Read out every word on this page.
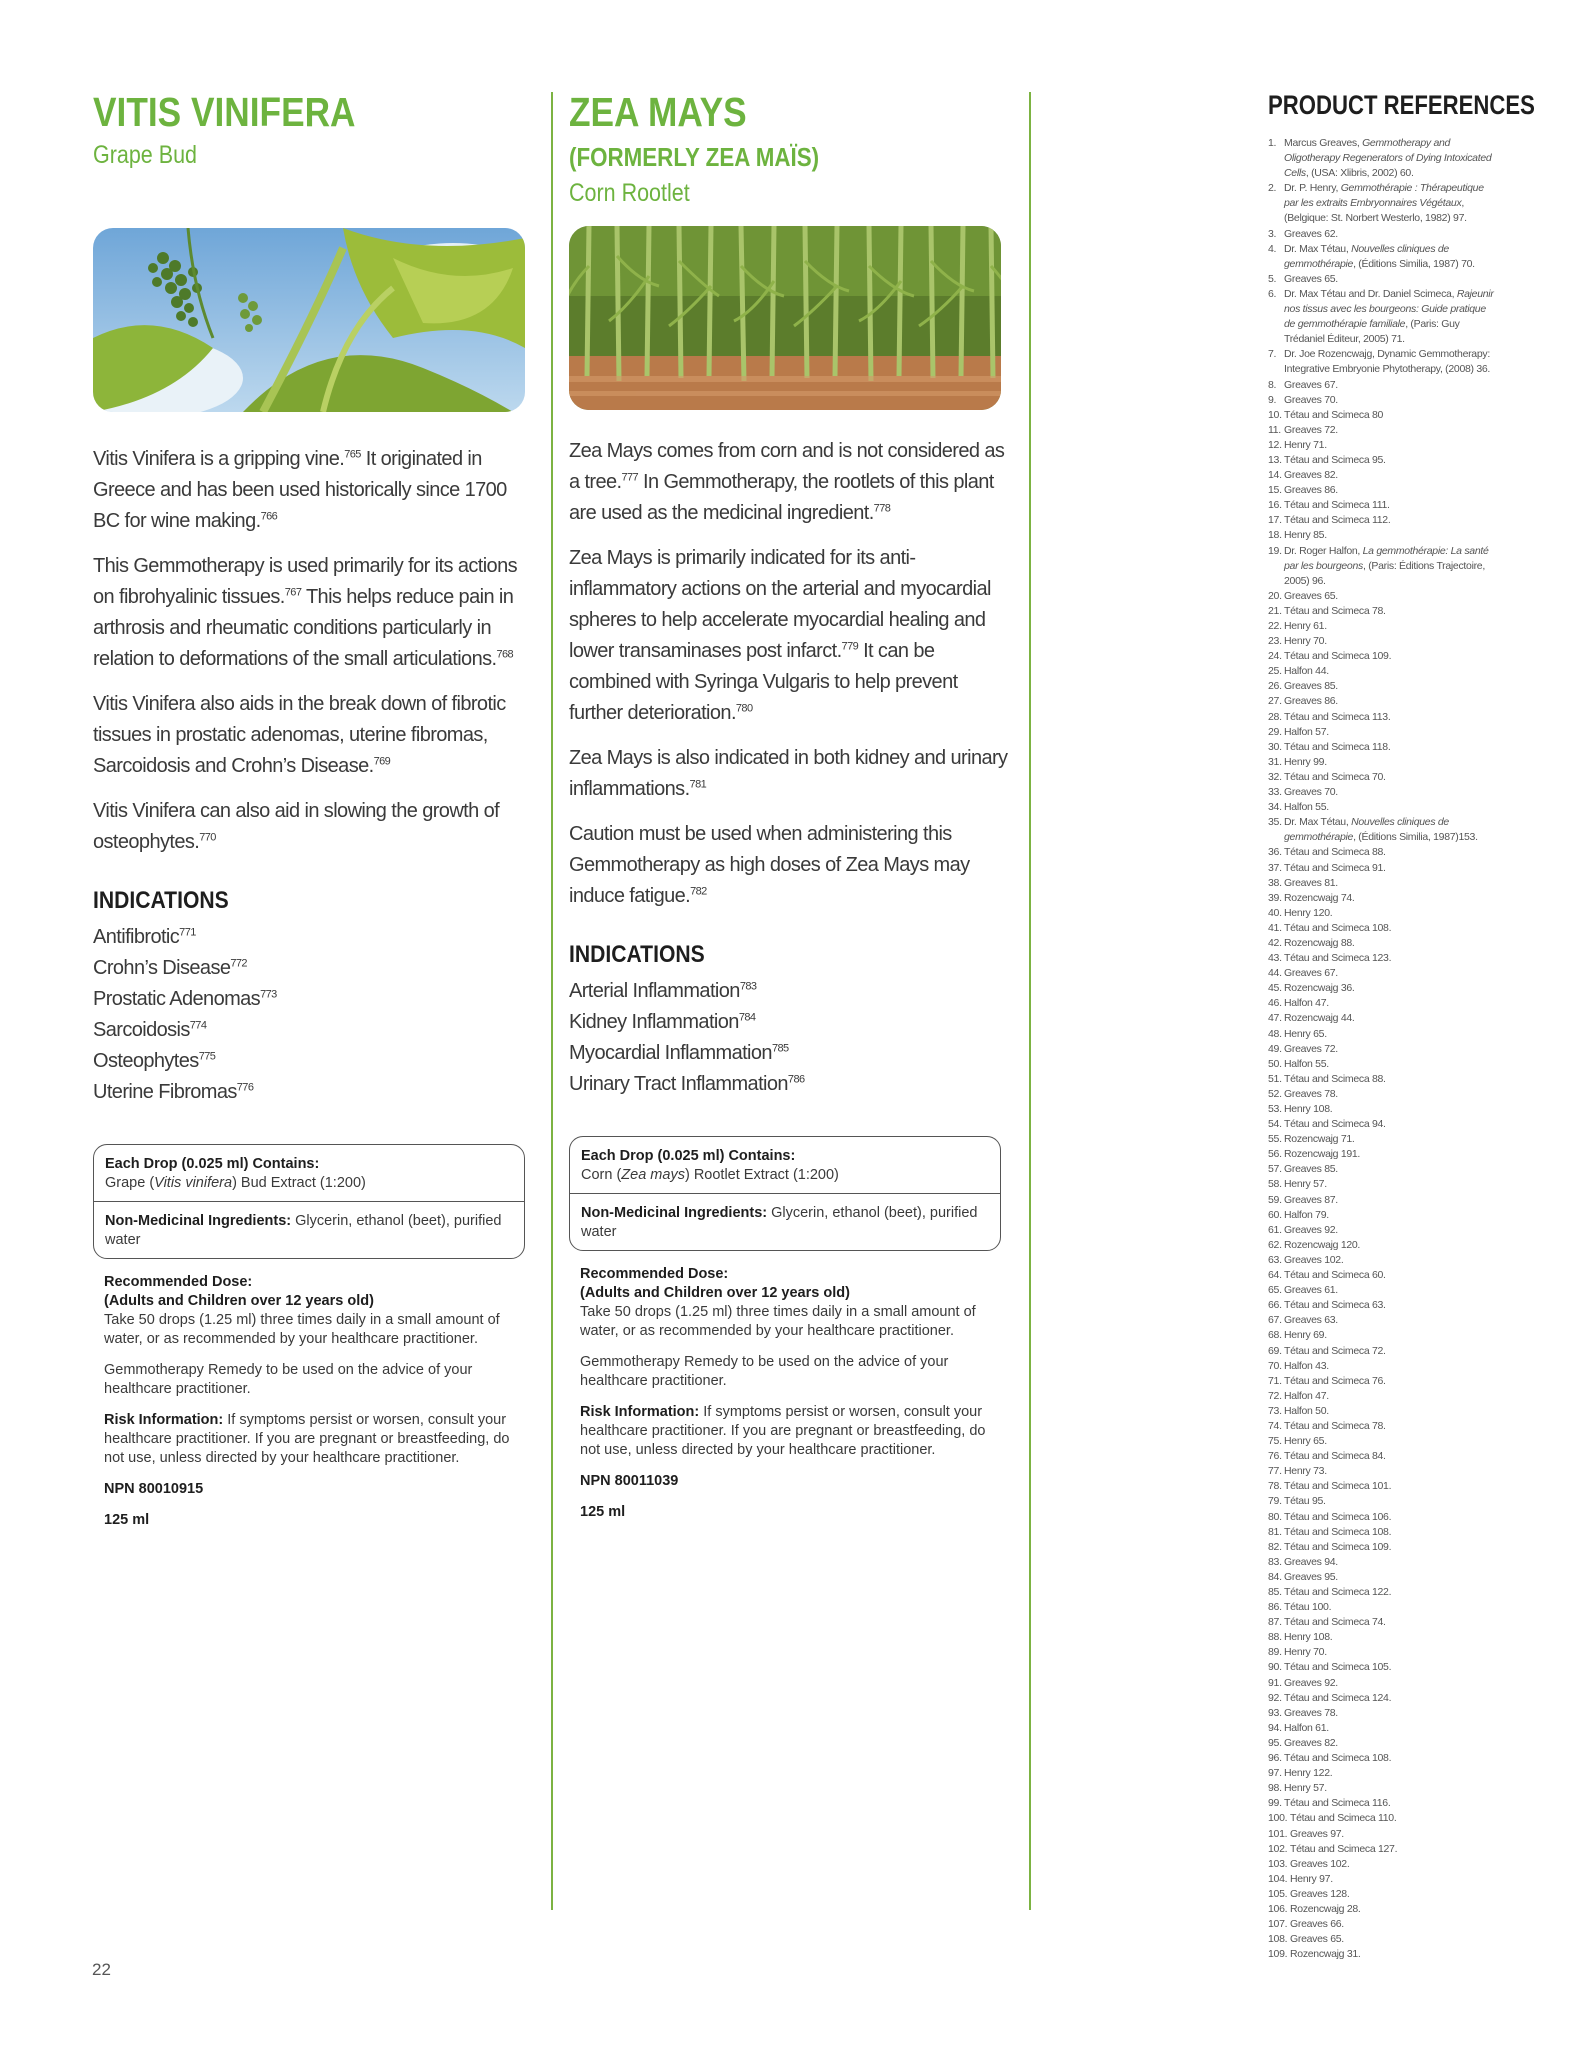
VITIS VINIFERA
Grape Bud

Vitis Vinifera is a gripping vine.$^{765}$ It originated in Greece and has been used historically since 1700 BC for wine making.$^{766}$

This Gemmotherapy is used primarily for its actions on fibrohyalinic tissues.$^{767}$ This helps reduce pain in arthrosis and rheumatic conditions particularly in relation to deformations of the small articulations.$^{768}$

Vitis Vinifera also aids in the break down of fibrotic tissues in prostatic adenomas, uterine fibromas, Sarcoidosis and Crohn’s Disease.$^{769}$

Vitis Vinifera can also aid in slowing the growth of osteophytes.$^{770}$

INDICATIONS
Antifibrotic$^{771}$
Crohn’s Disease$^{772}$
Prostatic Adenomas$^{773}$
Sarcoidosis$^{774}$
Osteophytes$^{775}$
Uterine Fibromas$^{776}$
Each Drop (0.025 ml) Contains:
Grape (Vitis vinifera) Bud Extract (1:200)
Non-Medicinal Ingredients: Glycerin, ethanol (beet), purified water

Recommended Dose:
(Adults and Children over 12 years old)
Take 50 drops (1.25 ml) three times daily in a small amount of water, or as recommended by your healthcare practitioner.

Gemmotherapy Remedy to be used on the advice of your healthcare practitioner.

Risk Information: If symptoms persist or worsen, consult your healthcare practitioner. If you are pregnant or breastfeeding, do not use, unless directed by your healthcare practitioner.

NPN 80010915

125 ml

ZEA MAYS
(FORMERLY ZEA MAÏS)
Corn Rootlet

Zea Mays comes from corn and is not considered as a tree.$^{777}$ In Gemmotherapy, the rootlets of this plant are used as the medicinal ingredient.$^{778}$

Zea Mays is primarily indicated for its anti-inflammatory actions on the arterial and myocardial spheres to help accelerate myocardial healing and lower transaminases post infarct.$^{779}$ It can be combined with Syringa Vulgaris to help prevent further deterioration.$^{780}$

Zea Mays is also indicated in both kidney and urinary inflammations.$^{781}$

Caution must be used when administering this Gemmotherapy as high doses of Zea Mays may induce fatigue.$^{782}$

INDICATIONS
Arterial Inflammation$^{783}$
Kidney Inflammation$^{784}$
Myocardial Inflammation$^{785}$
Urinary Tract Inflammation$^{786}$
Each Drop (0.025 ml) Contains:
Corn (Zea mays) Rootlet Extract (1:200)
Non-Medicinal Ingredients: Glycerin, ethanol (beet), purified water

Recommended Dose:
(Adults and Children over 12 years old)
Take 50 drops (1.25 ml) three times daily in a small amount of water, or as recommended by your healthcare practitioner.

Gemmotherapy Remedy to be used on the advice of your healthcare practitioner.

Risk Information: If symptoms persist or worsen, consult your healthcare practitioner. If you are pregnant or breastfeeding, do not use, unless directed by your healthcare practitioner.

NPN 80011039

125 ml

PRODUCT REFERENCES
1. Marcus Greaves, Gemmotherapy and Oligotherapy Regenerators of Dying Intoxicated Cells, (USA: Xlibris, 2002) 60.
2. Dr. P. Henry, Gemmothérapie : Thérapeutique par les extraits Embryonnaires Végétaux, (Belgique: St. Norbert Westerlo, 1982) 97.
3. Greaves 62.
4. Dr. Max Tétau, Nouvelles cliniques de gemmothérapie, (Éditions Similia, 1987) 70.
5. Greaves 65.
6. Dr. Max Tétau and Dr. Daniel Scimeca, Rajeunir nos tissus avec les bourgeons: Guide pratique de gemmothérapie familiale, (Paris: Guy Trédaniel Éditeur, 2005) 71.
7. Dr. Joe Rozencwajg, Dynamic Gemmotherapy: Integrative Embryonie Phytotherapy, (2008) 36.
8. Greaves 67.
9. Greaves 70.
10. Tétau and Scimeca 80
11. Greaves 72.
12. Henry 71.
13. Tétau and Scimeca 95.
14. Greaves 82.
15. Greaves 86.
16. Tétau and Scimeca 111.
17. Tétau and Scimeca 112.
18. Henry 85.
19. Dr. Roger Halfon, La gemmothérapie: La santé par les bourgeons, (Paris: Éditions Trajectoire, 2005) 96.
20. Greaves 65.
21. Tétau and Scimeca 78.
22. Henry 61.
23. Henry 70.
24. Tétau and Scimeca 109.
25. Halfon 44.
26. Greaves 85.
27. Greaves 86.
28. Tétau and Scimeca 113.
29. Halfon 57.
30. Tétau and Scimeca 118.
31. Henry 99.
32. Tétau and Scimeca 70.
33. Greaves 70.
34. Halfon 55.
35. Dr. Max Tétau, Nouvelles cliniques de gemmothérapie, (Éditions Similia, 1987)153.
36. Tétau and Scimeca 88.
37. Tétau and Scimeca 91.
38. Greaves 81.
39. Rozencwajg 74.
40. Henry 120.
41. Tétau and Scimeca 108.
42. Rozencwajg 88.
43. Tétau and Scimeca 123.
44. Greaves 67.
45. Rozencwajg 36.
46. Halfon 47.
47. Rozencwajg 44.
48. Henry 65.
49. Greaves 72.
50. Halfon 55.
51. Tétau and Scimeca 88.
52. Greaves 78.
53. Henry 108.
54. Tétau and Scimeca 94.
55. Rozencwajg 71.
56. Rozencwajg 191.
57. Greaves 85.
58. Henry 57.
59. Greaves 87.
60. Halfon 79.
61. Greaves 92.
62. Rozencwajg 120.
63. Greaves 102.
64. Tétau and Scimeca 60.
65. Greaves 61.
66. Tétau and Scimeca 63.
67. Greaves 63.
68. Henry 69.
69. Tétau and Scimeca 72.
70. Halfon 43.
71. Tétau and Scimeca 76.
72. Halfon 47.
73. Halfon 50.
74. Tétau and Scimeca 78.
75. Henry 65.
76. Tétau and Scimeca 84.
77. Henry 73.
78. Tétau and Scimeca 101.
79. Tétau 95.
80. Tétau and Scimeca 106.
81. Tétau and Scimeca 108.
82. Tétau and Scimeca 109.
83. Greaves 94.
84. Greaves 95.
85. Tétau and Scimeca 122.
86. Tétau 100.
87. Tétau and Scimeca 74.
88. Henry 108.
89. Henry 70.
90. Tétau and Scimeca 105.
91. Greaves 92.
92. Tétau and Scimeca 124.
93. Greaves 78.
94. Halfon 61.
95. Greaves 82.
96. Tétau and Scimeca 108.
97. Henry 122.
98. Henry 57.
99. Tétau and Scimeca 116.
100. Tétau and Scimeca 110.
101. Greaves 97.
102. Tétau and Scimeca 127.
103. Greaves 102.
104. Henry 97.
105. Greaves 128.
106. Rozencwajg 28.
107. Greaves 66.
108. Greaves 65.
109. Rozencwajg 31.
22
